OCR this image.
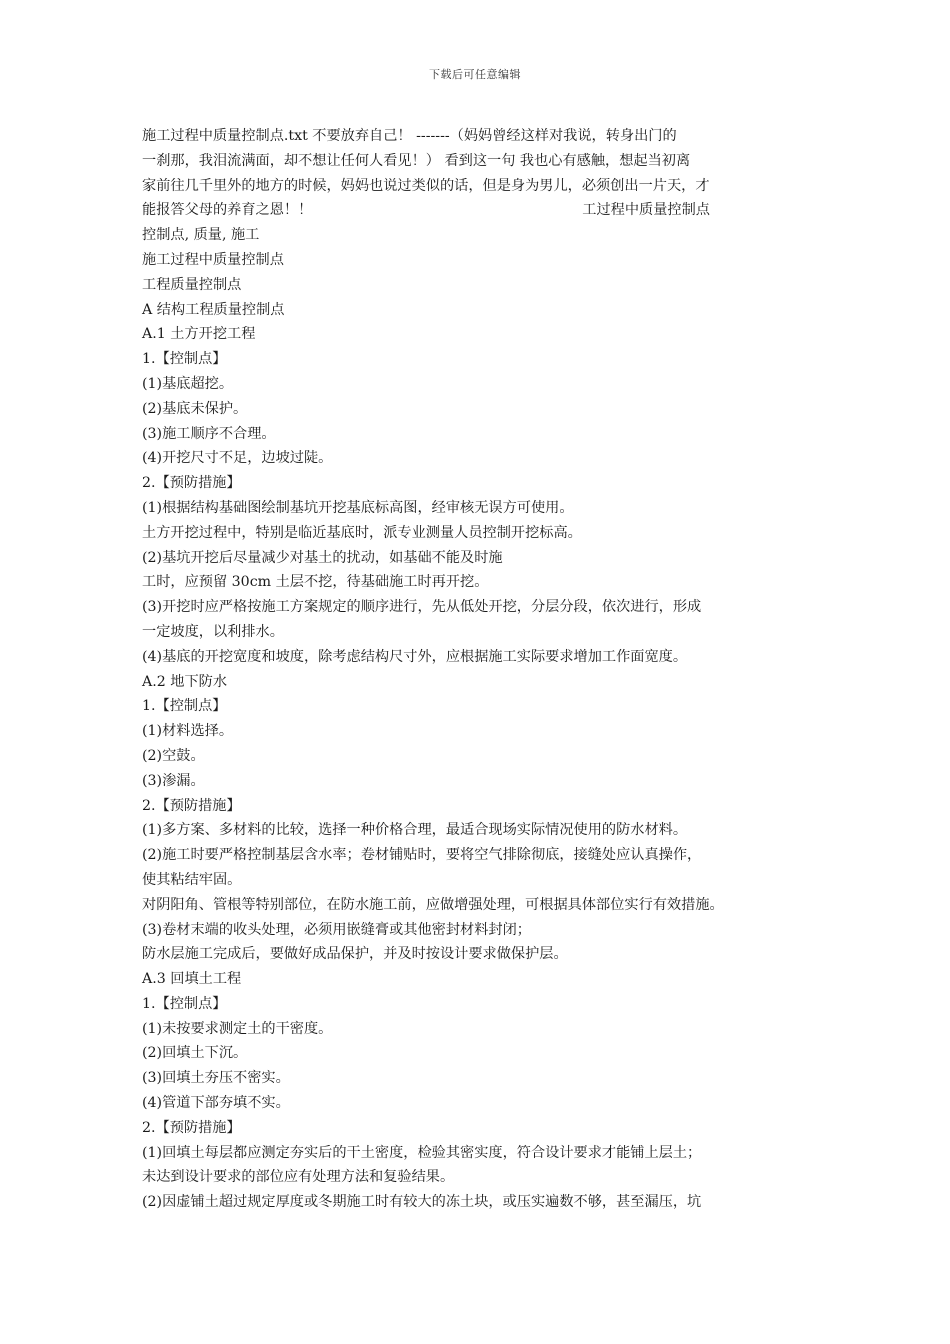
下载后可任意编辑
施工过程中质量控制点.txt 不要放弃自己！ -------（妈妈曾经这样对我说，转身出门的
一刹那，我泪流满面，却不想让任何人看见！） 看到这一句 我也心有感触，想起当初离
家前往几千里外的地方的时候，妈妈也说过类似的话，但是身为男儿，必须创出一片天，才
能报答父母的养育之恩！！	工过程中质量控制点
控制点, 质量, 施工
施工过程中质量控制点
工程质量控制点
A 结构工程质量控制点
A.1 土方开挖工程
1.【控制点】
(1)基底超挖。
(2)基底未保护。
(3)施工顺序不合理。
(4)开挖尺寸不足，边坡过陡。
2.【预防措施】
(1)根据结构基础图绘制基坑开挖基底标高图，经审核无误方可使用。
土方开挖过程中，特别是临近基底时，派专业测量人员控制开挖标高。
(2)基坑开挖后尽量减少对基土的扰动，如基础不能及时施
工时，应预留 30cm 土层不挖，待基础施工时再开挖。
(3)开挖时应严格按施工方案规定的顺序进行，先从低处开挖，分层分段，依次进行，形成
一定坡度，以利排水。
(4)基底的开挖宽度和坡度，除考虑结构尺寸外，应根据施工实际要求增加工作面宽度。
A.2 地下防水
1.【控制点】
(1)材料选择。
(2)空鼓。
(3)渗漏。
2.【预防措施】
(1)多方案、多材料的比较，选择一种价格合理，最适合现场实际情况使用的防水材料。
(2)施工时要严格控制基层含水率；卷材铺贴时，要将空气排除彻底，接缝处应认真操作，
使其粘结牢固。
对阴阳角、管根等特别部位，在防水施工前，应做增强处理，可根据具体部位实行有效措施。
(3)卷材末端的收头处理，必须用嵌缝膏或其他密封材料封闭；
防水层施工完成后，要做好成品保护，并及时按设计要求做保护层。
A.3 回填土工程
1.【控制点】
(1)未按要求测定土的干密度。
(2)回填土下沉。
(3)回填土夯压不密实。
(4)管道下部夯填不实。
2.【预防措施】
(1)回填土每层都应测定夯实后的干土密度，检验其密实度，符合设计要求才能铺上层土；
未达到设计要求的部位应有处理方法和复验结果。
(2)因虚铺土超过规定厚度或冬期施工时有较大的冻土块，或压实遍数不够，甚至漏压，坑
